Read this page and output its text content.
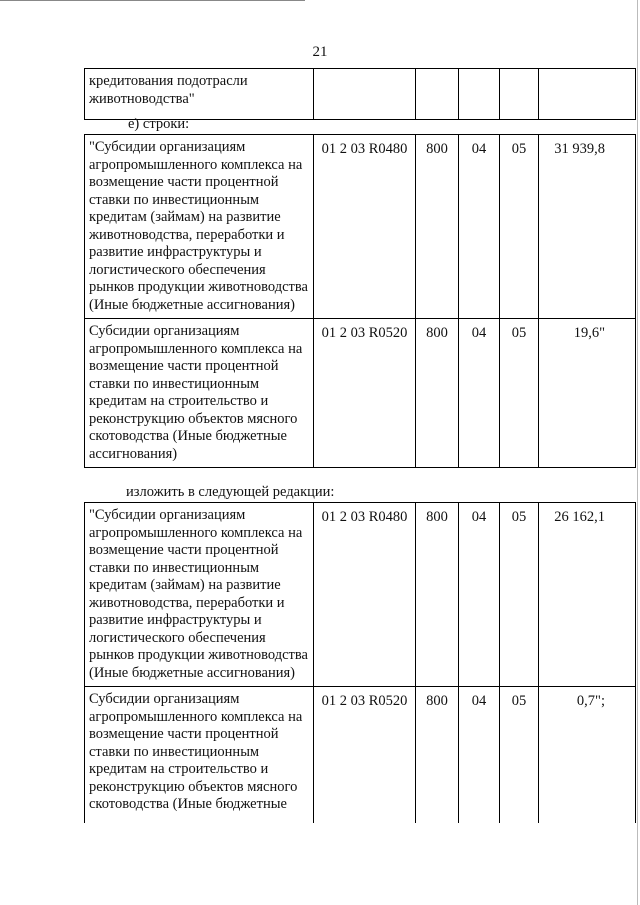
21
кредитования подотрасли животноводства"					
е) строки:
"Субсидии организациям агропромышленного комплекса на возмещение части процентной ставки по инвестиционным кредитам (займам) на развитие животноводства, переработки и развитие инфраструктуры и логистического обеспечения рынков продукции животноводства (Иные бюджетные ассигнования)	01 2 03 R0480	800	04	05	31 939,8
Субсидии организациям агропромышленного комплекса на возмещение части процентной ставки по инвестиционным кредитам на строительство и реконструкцию объектов мясного скотоводства (Иные бюджетные ассигнования)	01 2 03 R0520	800	04	05	19,6"
изложить в следующей редакции:
"Субсидии организациям агропромышленного комплекса на возмещение части процентной ставки по инвестиционным кредитам (займам) на развитие животноводства, переработки и развитие инфраструктуры и логистического обеспечения рынков продукции животноводства (Иные бюджетные ассигнования)	01 2 03 R0480	800	04	05	26 162,1
Субсидии организациям агропромышленного комплекса на возмещение части процентной ставки по инвестиционным кредитам на строительство и реконструкцию объектов мясного скотоводства (Иные бюджетные	01 2 03 R0520	800	04	05	0,7";
